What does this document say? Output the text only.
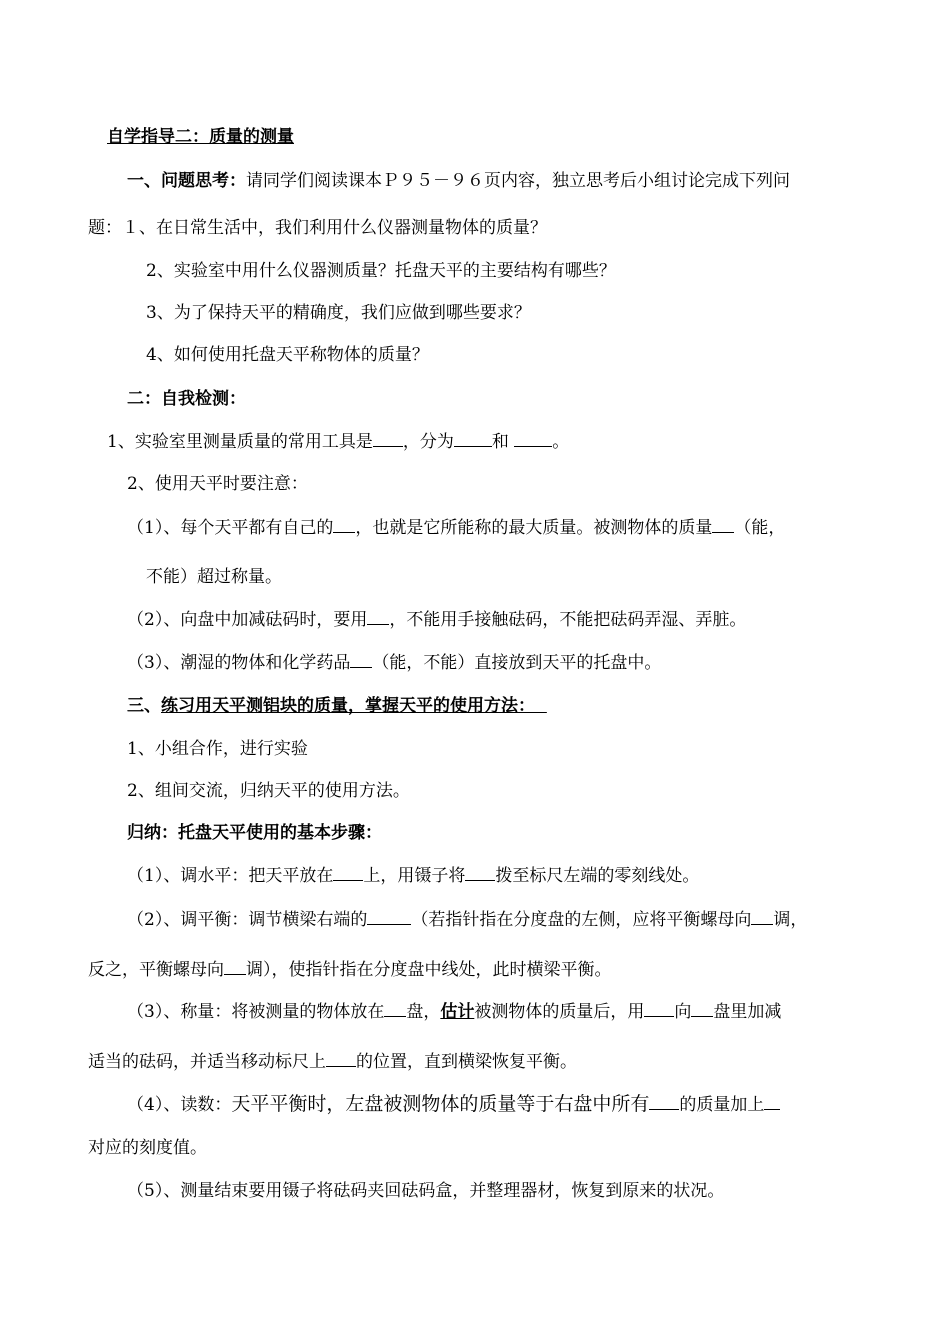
自学指导二：质量的测量
一、问题思考：请同学们阅读课本Ｐ９５－９６页内容，独立思考后小组讨论完成下列问
题：１、在日常生活中，我们利用什么仪器测量物体的质量？
2、实验室中用什么仪器测质量？托盘天平的主要结构有哪些？
3、为了保持天平的精确度，我们应做到哪些要求？
4、如何使用托盘天平称物体的质量？
二：自我检测：
1、实验室里测量质量的常用工具是 ，分为 和	。
2、使用天平时要注意：
（1）、每个天平都有自己的 ，也就是它所能称的最大质量。被测物体的质量 （能，
不能）超过称量。
（2）、向盘中加减砝码时，要用 ，不能用手接触砝码，不能把砝码弄湿、弄脏。
（3）、潮湿的物体和化学药品 （能，不能）直接放到天平的托盘中。
三、练习用天平测铝块的质量，掌握天平的使用方法：
1、小组合作，进行实验
2、组间交流，归纳天平的使用方法。
归纳：托盘天平使用的基本步骤：
（1）、调水平：把天平放在 上，用镊子将 拨至标尺左端的零刻线处。
（2）、调平衡：调节横梁右端的	（若指针指在分度盘的左侧，应将平衡螺母向 调，
反之，平衡螺母向 调），使指针指在分度盘中线处，此时横梁平衡。
（3）、称量：将被测量的物体放在 盘，估计被测物体的质量后，用 向 盘里加减
适当的砝码，并适当移动标尺上 的位置，直到横梁恢复平衡。
（4）、读数：天平平衡时，左盘被测物体的质量等于右盘中所有 的质量加上
对应的刻度值。
（5）、测量结束要用镊子将砝码夹回砝码盒，并整理器材，恢复到原来的状况。
